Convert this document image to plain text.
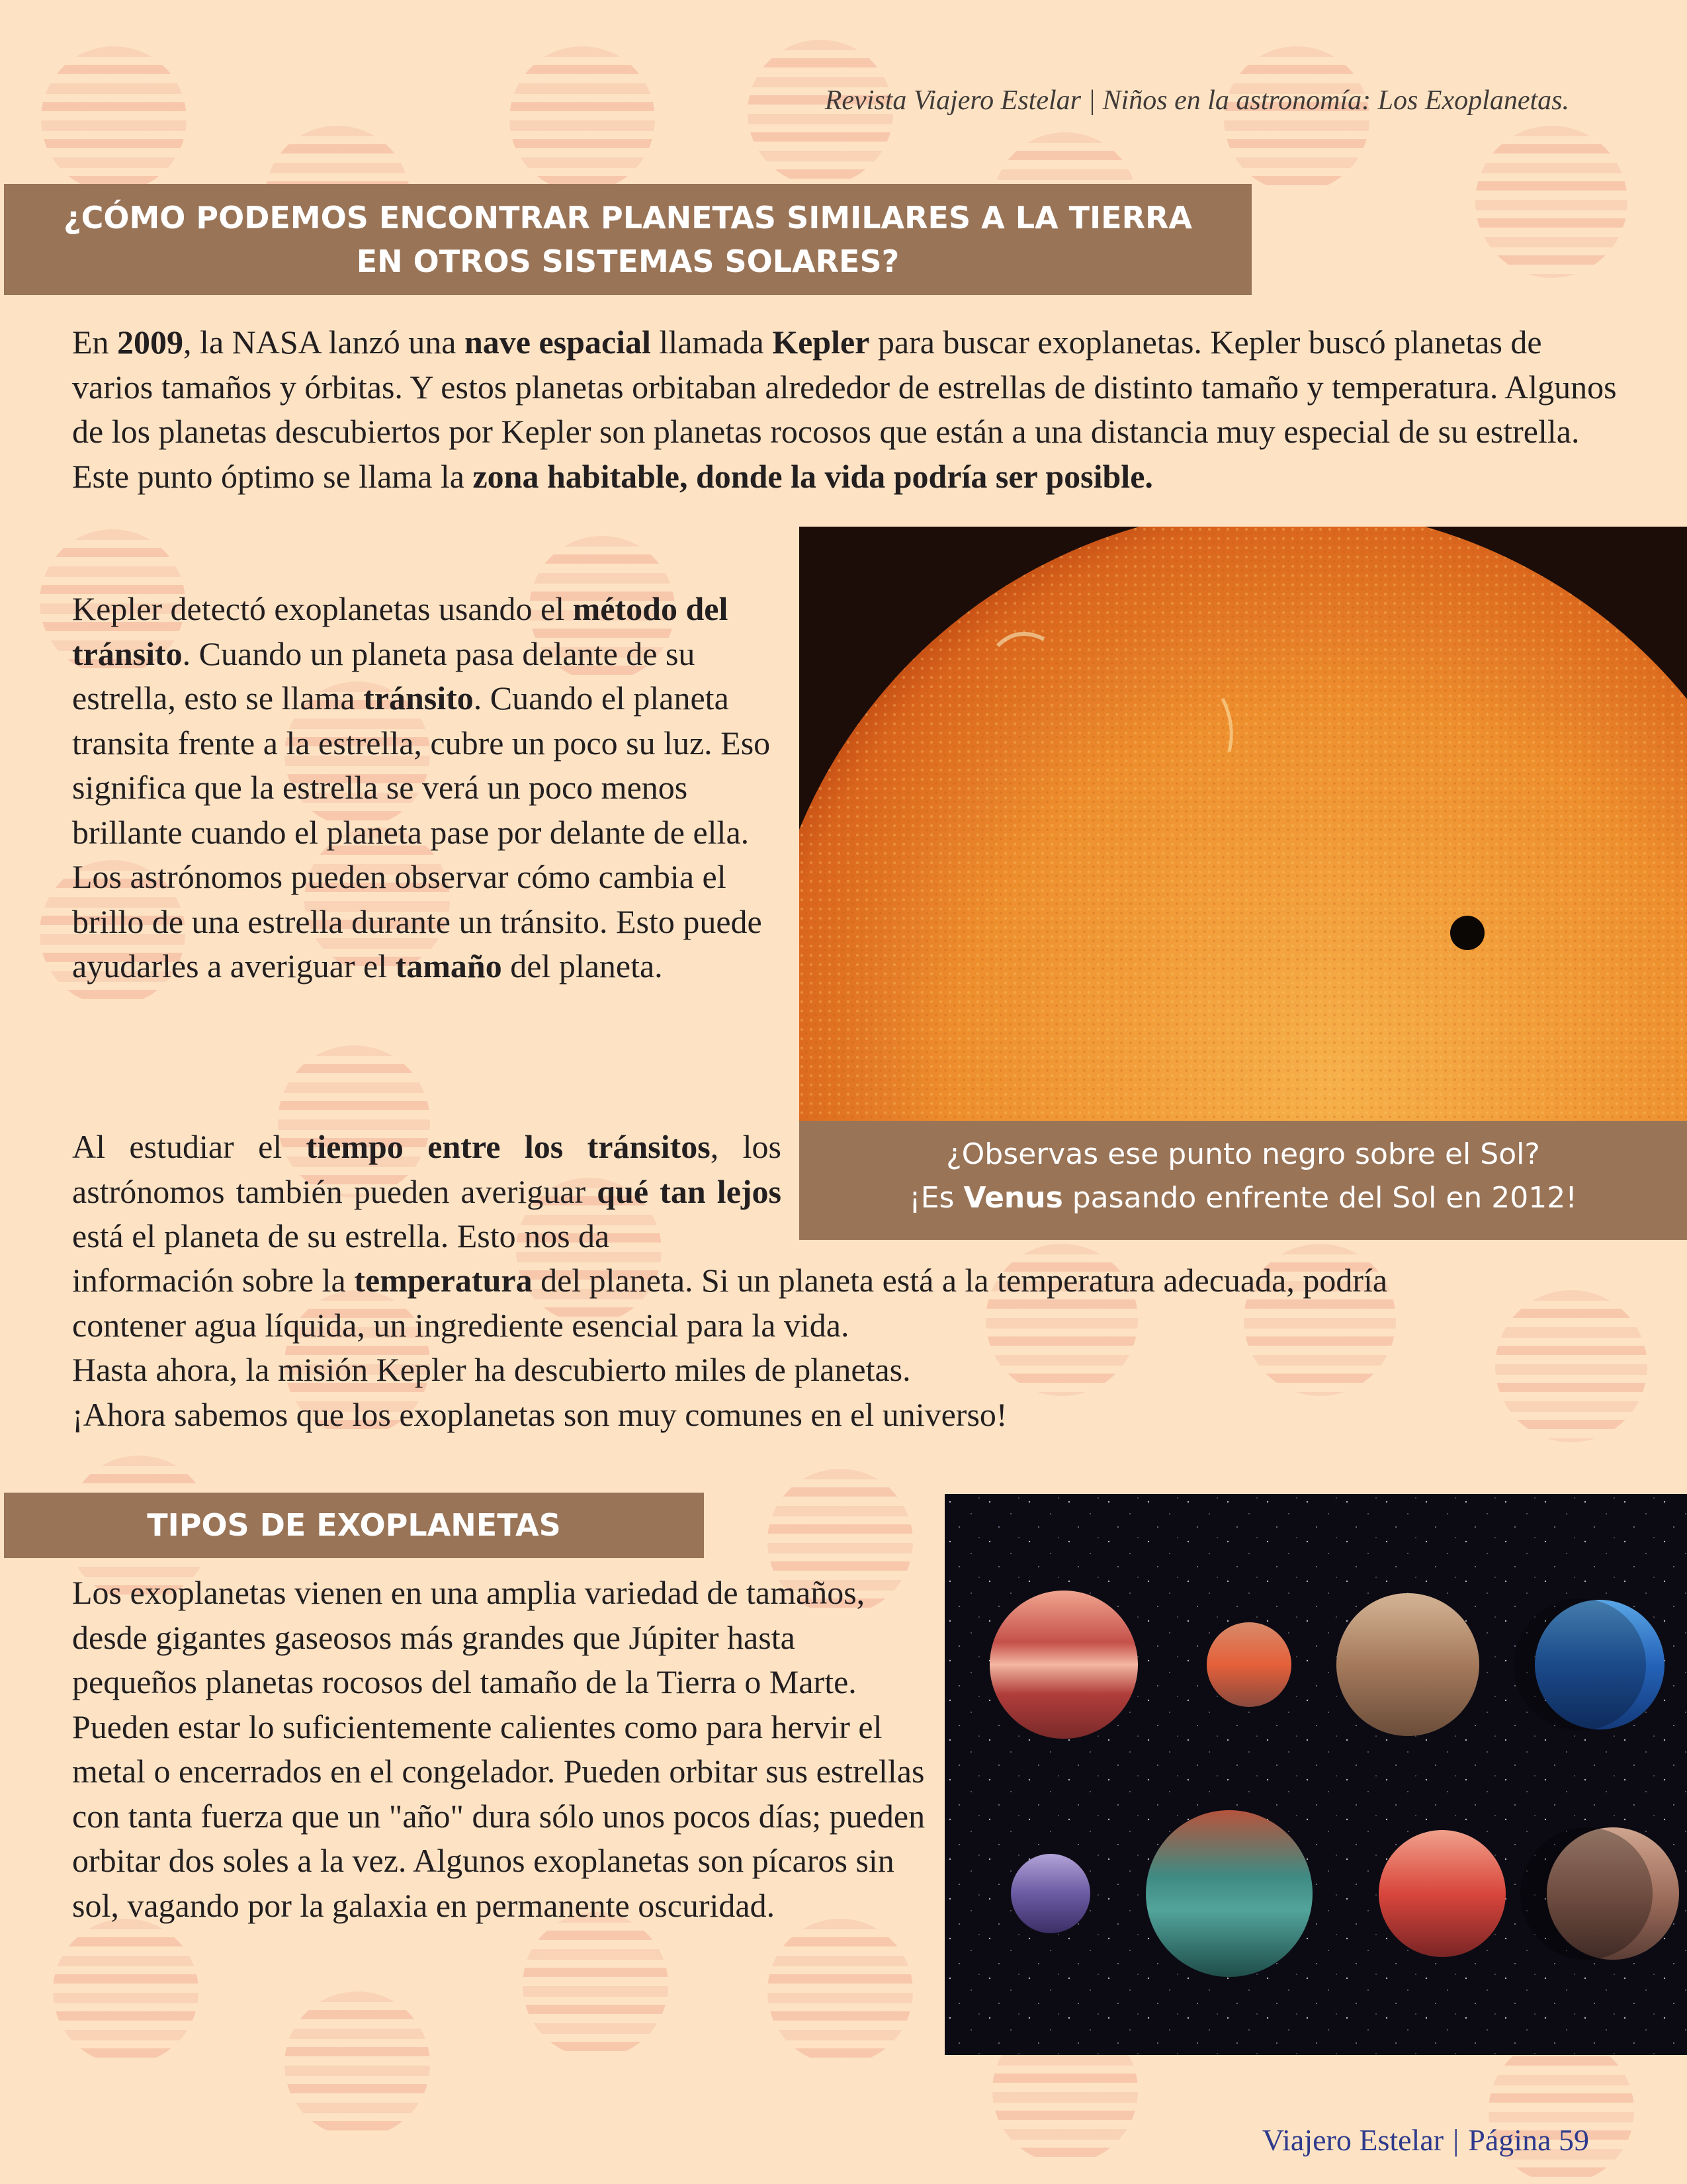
Revista Viajero Estelar | Niños en la astronomía: Los Exoplanetas.
¿CÓMO PODEMOS ENCONTRAR PLANETAS SIMILARES A LA TIERRA
EN OTROS SISTEMAS SOLARES?
En 2009, la NASA lanzó una nave espacial llamada Kepler para buscar exoplanetas. Kepler buscó planetas de varios tamaños y órbitas. Y estos planetas orbitaban alrededor de estrellas de distinto tamaño y temperatura. Algunos de los planetas descubiertos por Kepler son planetas rocosos que están a una distancia muy especial de su estrella. Este punto óptimo se llama la zona habitable, donde la vida podría ser posible.

Kepler detectó exoplanetas usando el método del tránsito. Cuando un planeta pasa delante de su estrella, esto se llama tránsito. Cuando el planeta transita frente a la estrella, cubre un poco su luz. Eso significa que la estrella se verá un poco menos brillante cuando el planeta pase por delante de ella.

Los astrónomos pueden observar cómo cambia el brillo de una estrella durante un tránsito. Esto puede ayudarles a averiguar el tamaño del planeta.

Al estudiar el tiempo entre los tránsitos, los astrónomos también pueden averiguar qué tan lejos está el planeta de su estrella. Esto nos da
información sobre la temperatura del planeta. Si un planeta está a la temperatura adecuada, podría
contener agua líquida, un ingrediente esencial para la vida.
Hasta ahora, la misión Kepler ha descubierto miles de planetas.
¡Ahora sabemos que los exoplanetas son muy comunes en el universo!
¿Observas ese punto negro sobre el Sol?
¡Es Venus pasando enfrente del Sol en 2012!
TIPOS DE EXOPLANETAS
Los exoplanetas vienen en una amplia variedad de tamaños, desde gigantes gaseosos más grandes que Júpiter hasta pequeños planetas rocosos del tamaño de la Tierra o Marte. Pueden estar lo suficientemente calientes como para hervir el metal o encerrados en el congelador. Pueden orbitar sus estrellas con tanta fuerza que un "año" dura sólo unos pocos días; pueden orbitar dos soles a la vez. Algunos exoplanetas son pícaros sin sol, vagando por la galaxia en permanente oscuridad.
Viajero Estelar | Página 59
